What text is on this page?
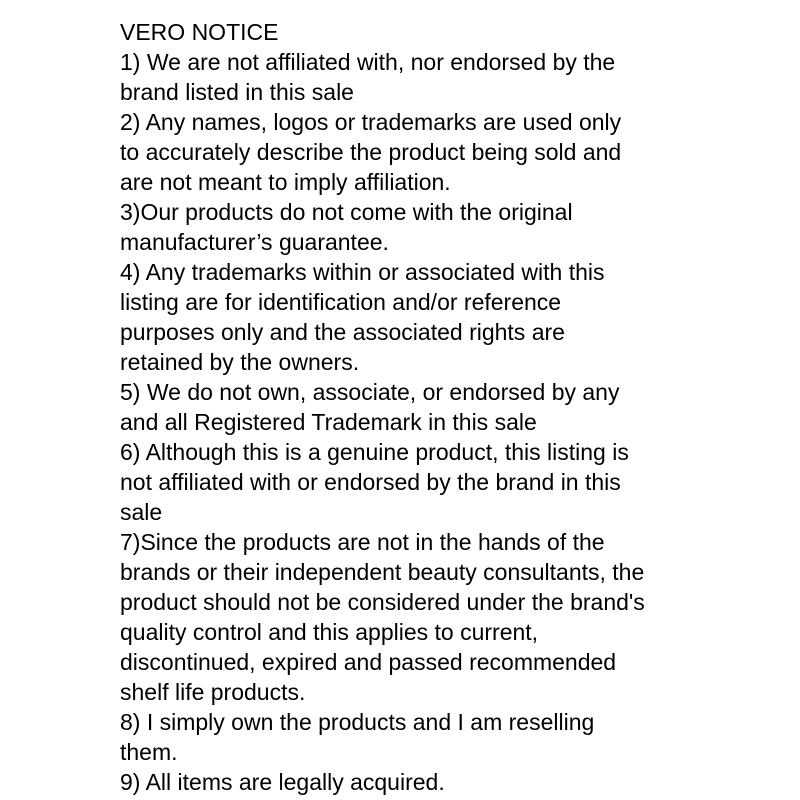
VERO NOTICE
1) We are not affiliated with, nor endorsed by the
brand listed in this sale
2) Any names, logos or trademarks are used only
to accurately describe the product being sold and
are not meant to imply affiliation.
3)Our products do not come with the original
manufacturer’s guarantee.
4) Any trademarks within or associated with this
listing are for identification and/or reference
purposes only and the associated rights are
retained by the owners.
5) We do not own, associate, or endorsed by any
and all Registered Trademark in this sale
6) Although this is a genuine product, this listing is
not affiliated with or endorsed by the brand in this
sale
7)Since the products are not in the hands of the
brands or their independent beauty consultants, the
product should not be considered under the brand's
quality control and this applies to current,
discontinued, expired and passed recommended
shelf life products.
8) I simply own the products and I am reselling
them.
9) All items are legally acquired.
